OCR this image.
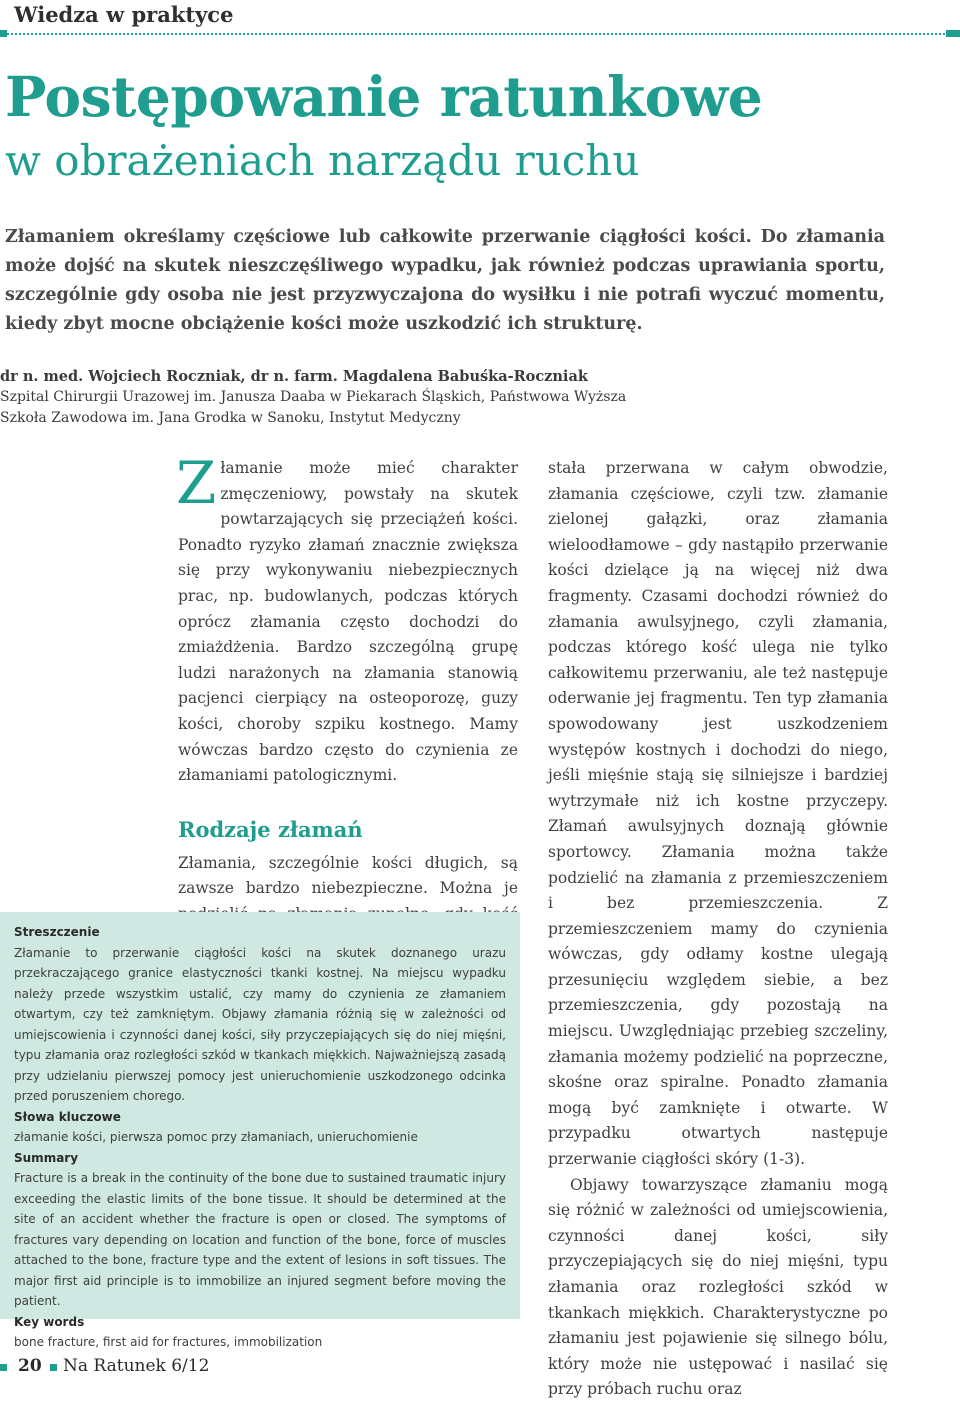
Wiedza w praktyce
Postępowanie ratunkowe
w obrażeniach narządu ruchu

Złamaniem określamy częściowe lub całkowite przerwanie ciągłości kości. Do złamania może dojść na skutek nieszczęśliwego wypadku, jak również podczas uprawiania sportu, szczególnie gdy osoba nie jest przyzwyczajona do wysiłku i nie potrafi wyczuć momentu, kiedy zbyt mocne obciążenie kości może uszkodzić ich strukturę.

dr n. med. Wojciech Roczniak, dr n. farm. Magdalena Babuśka-Roczniak
Szpital Chirurgii Urazowej im. Janusza Daaba w Piekarach Śląskich, Państwowa Wyższa
Szkoła Zawodowa im. Jana Grodka w Sanoku, Instytut Medyczny

Złamanie może mieć charakter zmęczeniowy, powstały na skutek powtarzających się przeciążeń kości. Ponadto ryzyko złamań znacznie zwiększa się przy wykonywaniu niebezpiecznych prac, np. budowlanych, podczas których oprócz złamania często dochodzi do zmiażdżenia. Bardzo szczególną grupę ludzi narażonych na złamania stanowią pacjenci cierpiący na osteoporozę, guzy kości, choroby szpiku kostnego. Mamy wówczas bardzo często do czynienia ze złamaniami patologicznymi.

Rodzaje złamań

Złamania, szczególnie kości długich, są zawsze bardzo niebezpieczne. Można je

stała przerwana w całym obwodzie, złamania częściowe, czyli tzw. złamanie zielonej gałązki, oraz złamania wieloodłamowe – gdy nastąpiło przerwanie kości dzielące ją na więcej niż dwa fragmenty. Czasami dochodzi również do złamania awulsyjnego, czyli złamania, podczas którego kość ulega nie tylko całkowitemu przerwaniu, ale też następuje oderwanie jej fragmentu. Ten typ złamania spowodowany jest uszkodzeniem występów kostnych i dochodzi do niego, jeśli mięśnie stają się silniejsze i bardziej wytrzymałe niż ich kostne przyczepy. Złamań awulsyjnych doznają głównie sportowcy. Złamania można także podzielić na złamania z przemieszczeniem i bez przemieszczenia. Z przemieszczeniem mamy do czynienia wówczas, gdy odłamy kostne ulegają przesunięciu względem siebie, a bez przemieszczenia, gdy pozostają na miejscu. Uwzględniając przebieg szczeliny, złamania możemy podzielić na poprzeczne, skośne oraz spiralne. Ponadto złamania mogą być zamknięte i otwarte. W przypadku otwartych następuje przerwanie ciągłości skóry (1-3).

Objawy towarzyszące złamaniu mogą się różnić w zależności od umiejscowienia, czynności danej kości, siły przyczepiających się do niej mięśni, typu złamania oraz rozległości szkód w tkankach miękkich. Charakterystyczne po złamaniu jest pojawienie się silnego bólu, który może nie ustępować i nasilać się przy próbach ruchu oraz

Streszczenie

Złamanie to przerwanie ciągłości kości na skutek doznanego urazu przekraczającego granice elastyczności tkanki kostnej. Na miejscu wypadku należy przede wszystkim ustalić, czy mamy do czynienia ze złamaniem otwartym, czy też zamkniętym. Objawy złamania różnią się w zależności od umiejscowienia i czynności danej kości, siły przyczepiających się do niej mięśni, typu złamania oraz rozległości szkód w tkankach miękkich. Najważniejszą zasadą przy udzielaniu pierwszej pomocy jest unieruchomienie uszkodzonego odcinka przed poruszeniem chorego.

Słowa kluczowe

złamanie kości, pierwsza pomoc przy złamaniach, unieruchomienie

Summary

Fracture is a break in the continuity of the bone due to sustained traumatic injury exceeding the elastic limits of the bone tissue. It should be determined at the site of an accident whether the fracture is open or closed. The symptoms of fractures vary depending on location and function of the bone, force of muscles attached to the bone, fracture type and the extent of lesions in soft tissues. The major first aid principle is to immobilize an injured segment before moving the patient.

Key words

bone fracture, first aid for fractures, immobilization

20 Na Ratunek 6/12
